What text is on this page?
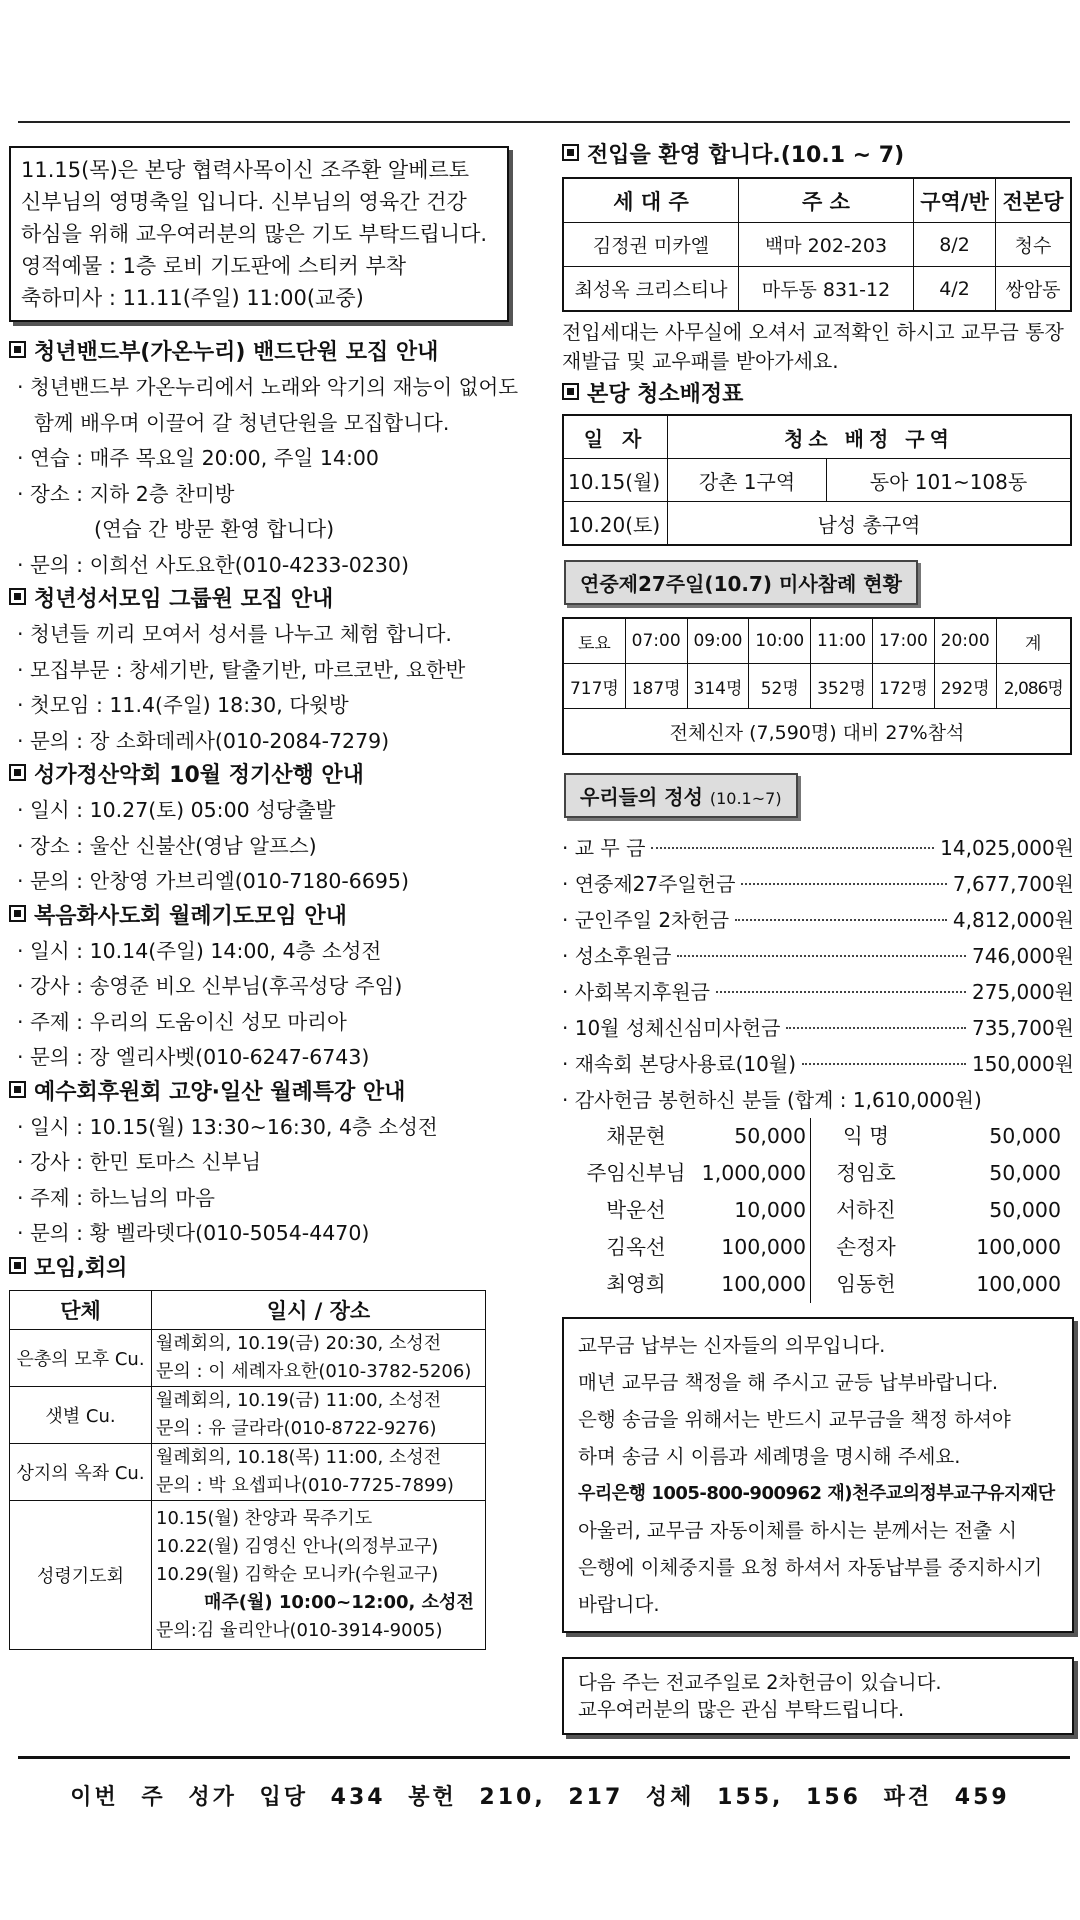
11.15(목)은 본당 협력사목이신 조주환 알베르토
신부님의 영명축일 입니다. 신부님의 영육간 건강
하심을 위해 교우여러분의 많은 기도 부탁드립니다.
영적예물 : 1층 로비 기도판에 스티커 부착
축하미사 : 11.11(주일) 11:00(교중)
청년밴드부(가온누리) 밴드단원 모집 안내
· 청년밴드부 가온누리에서 노래와 악기의 재능이 없어도
함께 배우며 이끌어 갈 청년단원을 모집합니다.
· 연습 : 매주 목요일 20:00, 주일 14:00
· 장소 : 지하 2층 찬미방
(연습 간 방문 환영 합니다)
· 문의 : 이희선 사도요한(010-4233-0230)
청년성서모임 그룹원 모집 안내
· 청년들 끼리 모여서 성서를 나누고 체험 합니다.
· 모집부문 : 창세기반, 탈출기반, 마르코반, 요한반
· 첫모임 : 11.4(주일) 18:30, 다윗방
· 문의 : 장 소화데레사(010-2084-7279)
성가정산악회 10월 정기산행 안내
· 일시 : 10.27(토) 05:00 성당출발
· 장소 : 울산 신불산(영남 알프스)
· 문의 : 안창영 가브리엘(010-7180-6695)
복음화사도회 월례기도모임 안내
· 일시 : 10.14(주일) 14:00, 4층 소성전
· 강사 : 송영준 비오 신부님(후곡성당 주임)
· 주제 : 우리의 도움이신 성모 마리아
· 문의 : 장 엘리사벳(010-6247-6743)
예수회후원회 고양·일산 월례특강 안내
· 일시 : 10.15(월) 13:30~16:30, 4층 소성전
· 강사 : 한민 토마스 신부님
· 주제 : 하느님의 마음
· 문의 : 황 벨라뎃다(010-5054-4470)
모임,회의
단체	일시 / 장소
은총의 모후 Cu.	월례회의, 10.19(금) 20:30, 소성전
문의 : 이 세례자요한(010-3782-5206)

샛별 Cu.	월례회의, 10.19(금) 11:00, 소성전
문의 : 유 글라라(010-8722-9276)

상지의 옥좌 Cu.	월례회의, 10.18(목) 11:00, 소성전
문의 : 박 요셉피나(010-7725-7899)

성령기도회	10.15(월) 찬양과 묵주기도
10.22(월) 김영신 안나(의정부교구)
10.29(월) 김학순 모니카(수원교구)
매주(월) 10:00~12:00, 소성전
문의:김 율리안나(010-3914-9005)
전입을 환영 합니다.(10.1 ~ 7)
세 대 주	주 소	구역/반	전본당
김정권 미카엘	백마 202-203	8/2	청수
최성옥 크리스티나	마두동 831-12	4/2	쌍암동
전입세대는 사무실에 오셔서 교적확인 하시고 교무금 통장
재발급 및 교우패를 받아가세요.
본당 청소배정표
일 자	청소 배정 구역	
10.15(월)	강촌 1구역	동아 101~108동
10.20(토)	남성 총구역	
연중제27주일(10.7) 미사참례 현황
토요	07:00	09:00	10:00	11:00	17:00	20:00	계
717명	187명	314명	52명	352명	172명	292명	2,086명
전체신자 (7,590명) 대비 27%참석							
우리들의 정성 (10.1~7)
· 교 무 금	14,025,000원
· 연중제27주일헌금	7,677,700원
· 군인주일 2차헌금	4,812,000원
· 성소후원금	746,000원
· 사회복지후원금	275,000원
· 10월 성체신심미사헌금	735,700원
· 재속회 본당사용료(10월)	150,000원
· 감사헌금 봉헌하신 분들 (합계 : 1,610,000원)
채문현	50,000	익 명	50,000
주임신부님	1,000,000	정임호	50,000
박운선	10,000	서하진	50,000
김옥선	100,000	손정자	100,000
최영희	100,000	임동헌	100,000
교무금 납부는 신자들의 의무입니다.
매년 교무금 책정을 해 주시고 균등 납부바랍니다.
은행 송금을 위해서는 반드시 교무금을 책정 하셔야
하며 송금 시 이름과 세례명을 명시해 주세요.
우리은행 1005-800-900962 재)천주교의정부교구유지재단
아울러, 교무금 자동이체를 하시는 분께서는 전출 시
은행에 이체중지를 요청 하셔서 자동납부를 중지하시기
바랍니다.
다음 주는 전교주일로 2차헌금이 있습니다.
교우여러분의 많은 관심 부탁드립니다.
이번 주 성가 입당 434 봉헌 210, 217 성체 155, 156 파견 459
